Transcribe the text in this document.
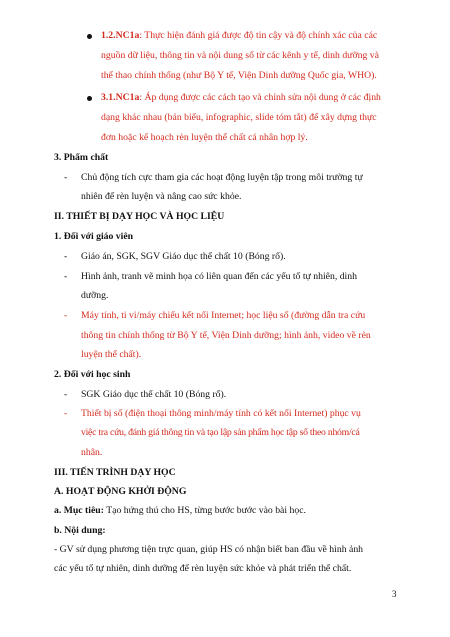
1.2.NC1a: Thực hiện đánh giá được độ tin cậy và độ chính xác của các
nguồn dữ liệu, thông tin và nội dung số từ các kênh y tế, dinh dưỡng và
thể thao chính thống (như Bộ Y tế, Viện Dinh dưỡng Quốc gia, WHO).
3.1.NC1a: Áp dụng được các cách tạo và chỉnh sửa nội dung ở các định
dạng khác nhau (bản biểu, infographic, slide tóm tắt) để xây dựng thực
đơn hoặc kế hoạch rèn luyện thể chất cá nhân hợp lý.
3. Phẩm chất
- Chủ động tích cực tham gia các hoạt động luyện tập trong môi trường tự
nhiên để rèn luyện và nâng cao sức khỏe.
II. THIẾT BỊ DẠY HỌC VÀ HỌC LIỆU
1. Đối với giáo viên
- Giáo án, SGK, SGV Giáo dục thể chất 10 (Bóng rổ).
- Hình ảnh, tranh vẽ minh họa có liên quan đến các yếu tố tự nhiên, dinh
dưỡng.
- Máy tính, ti vi/máy chiếu kết nối Internet; học liệu số (đường dẫn tra cứu
thông tin chính thống từ Bộ Y tế, Viện Dinh dưỡng; hình ảnh, video về rèn
luyện thể chất).
2. Đối với học sinh
- SGK Giáo dục thể chất 10 (Bóng rổ).
- Thiết bị số (điện thoại thông minh/máy tính có kết nối Internet) phục vụ
việc tra cứu, đánh giá thông tin và tạo lập sản phẩm học tập số theo nhóm/cá
nhân.
III. TIẾN TRÌNH DẠY HỌC
A. HOẠT ĐỘNG KHỞI ĐỘNG
a. Mục tiêu: Tạo hứng thú cho HS, từng bước bước vào bài học.
b. Nội dung:
- GV sử dụng phương tiện trực quan, giúp HS có nhận biết ban đầu về hình ảnh
các yếu tố tự nhiên, dinh dưỡng để rèn luyện sức khỏe và phát triển thể chất.
3
